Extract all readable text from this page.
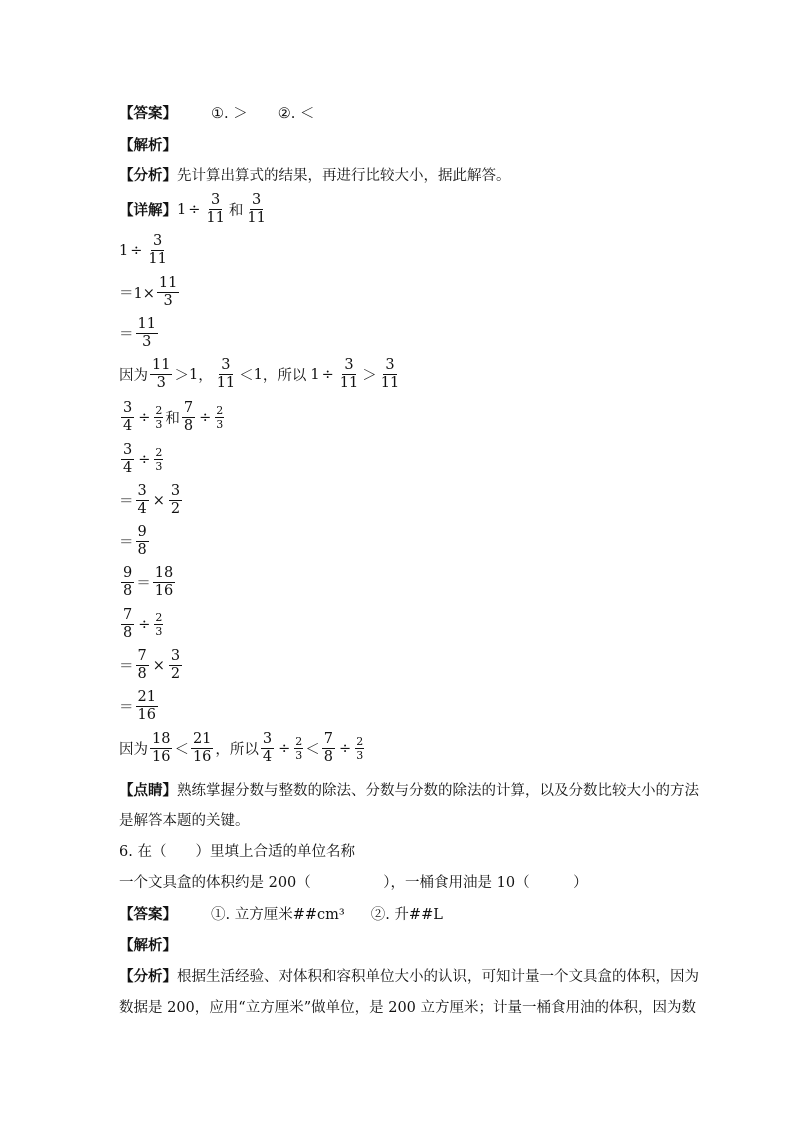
【答案】 ①. ＞ ②. ＜
【解析】
【分析】 先计算出算式的结果，再进行比较大小，据此解答。
【详解】 $1 \div \frac{3}{11}$ 和 $\frac{3}{11}$
$1 \div \frac{3}{11}$
$=1\times \frac{11}{3}$
＝ $\frac{11}{3}$
因为 $\frac{11}{3} > 1$ ， $\frac{3}{11} < 1$ ， 所以 $1 \div \frac{3}{11} > \frac{3}{11}$
$\frac{3}{4} \div \frac{2}{3}$ 和 $\frac{7}{8} \div \frac{2}{3}$
$\frac{3}{4} \div \frac{2}{3}$
＝ $\frac{3}{4} \times \frac{3}{2}$
＝ $\frac{9}{8}$
$\frac{9}{8} = \frac{18}{16}$
$\frac{7}{8} \div \frac{2}{3}$
＝ $\frac{7}{8} \times \frac{3}{2}$
＝ $\frac{21}{16}$
因为 $\frac{18}{16} < \frac{21}{16}$ ， 所以 $\frac{3}{4} \div \frac{2}{3} < \frac{7}{8} \div \frac{2}{3}$
【点睛】 熟练掌握分数与整数的除法、分数与分数的除法的计算，以及分数比较大小的方法
是解答本题的关键。
6. 在（　　）里填上合适的单位名称
一个文具盒的体积约是 200（　　　　　），一桶食用油是 10（　　　）
【答案】 ①. 立方厘米##cm³ ②. 升##L
【解析】
【分析】 根据生活经验、对体积和容积单位大小的认识，可知计量一个文具盒的体积，因为
数据是 200，应用“立方厘米”做单位，是 200 立方厘米；计量一桶食用油的体积，因为数
